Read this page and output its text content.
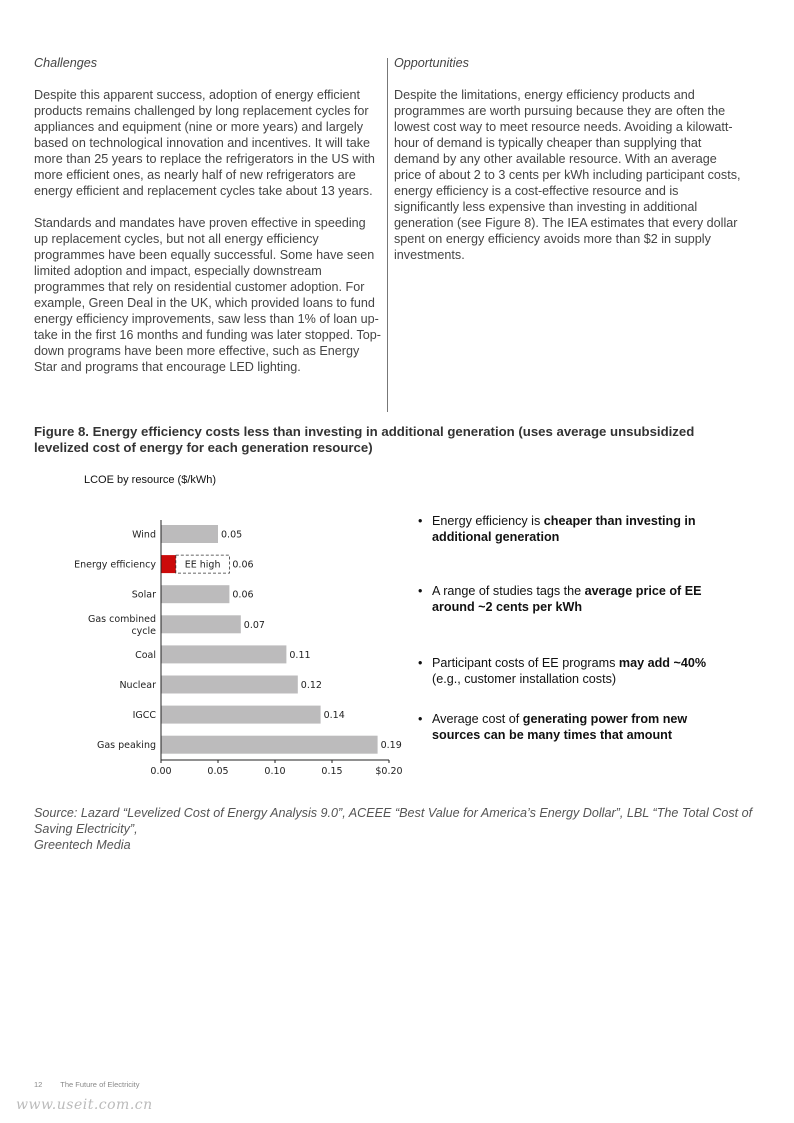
Challenges

Despite this apparent success, adoption of energy efficient products remains challenged by long replacement cycles for appliances and equipment (nine or more years) and largely based on technological innovation and incentives. It will take more than 25 years to replace the refrigerators in the US with more efficient ones, as nearly half of new refrigerators are energy efficient and replacement cycles take about 13 years.

Standards and mandates have proven effective in speeding up replacement cycles, but not all energy efficiency programmes have been equally successful. Some have seen limited adoption and impact, especially downstream programmes that rely on residential customer adoption. For example, Green Deal in the UK, which provided loans to fund energy efficiency improvements, saw less than 1% of loan up-take in the first 16 months and funding was later stopped. Top-down programs have been more effective, such as Energy Star and programs that encourage LED lighting.

Opportunities

Despite the limitations, energy efficiency products and programmes are worth pursuing because they are often the lowest cost way to meet resource needs. Avoiding a kilowatt-hour of demand is typically cheaper than supplying that demand by any other available resource. With an average price of about 2 to 3 cents per kWh including participant costs, energy efficiency is a cost-effective resource and is significantly less expensive than investing in additional generation (see Figure 8). The IEA estimates that every dollar spent on energy efficiency avoids more than $2 in supply investments.

Figure 8. Energy efficiency costs less than investing in additional generation (uses average unsubsidized levelized cost of energy for each generation resource)

LCOE by resource ($/kWh)
Wind	0.05
Energy efficiency	EE high 0.06
Solar	0.06
Gas combined
cycle
0.07
Coal	0.11
Nuclear	0.12
IGCC	0.14
Gas peaking	0.19
0.00	0.05	0.10	0.15	$0.20
• Energy efficiency is cheaper than investing in additional generation
• A range of studies tags the average price of EE around ~2 cents per kWh
• Participant costs of EE programs may add ~40% (e.g., customer installation costs)
• Average cost of generating power from new sources can be many times that amount

Source: Lazard “Levelized Cost of Energy Analysis 9.0”, ACEEE “Best Value for America’s Energy Dollar”, LBL “The Total Cost of Saving Electricity”,
Greentech Media

12 The Future of Electricity
www.useit.com.cn
